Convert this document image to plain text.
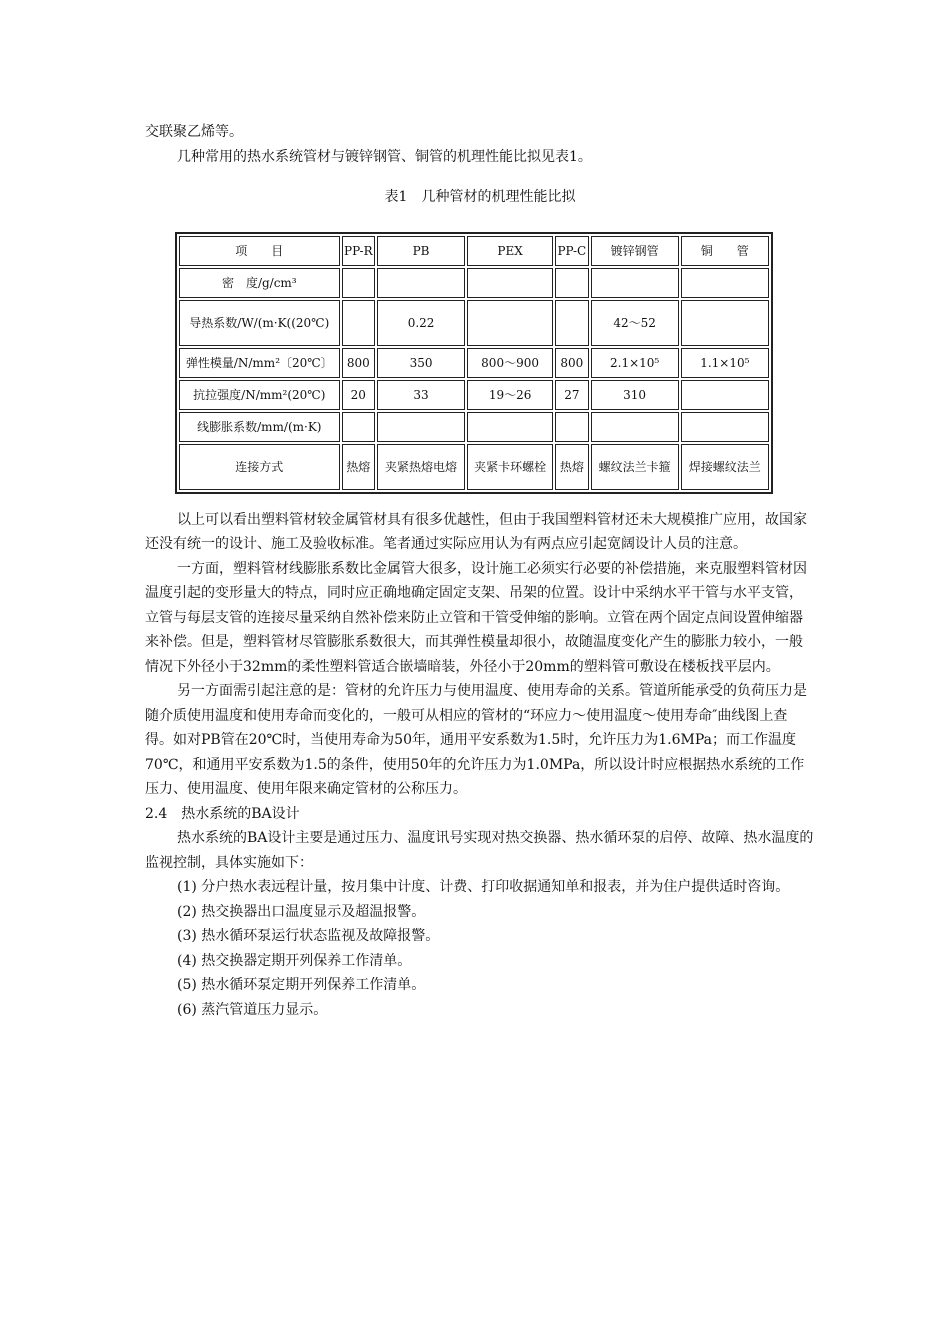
交联聚乙烯等。

几种常用的热水系统管材与镀锌钢管、铜管的机理性能比拟见表1。

表1　几种管材的机理性能比拟

项　　目	PP-R	PB	PEX	PP-C	镀锌钢管	铜　　管
密　度/g/cm³						
导热系数/W/(m·K((20℃)		0.22			42～52	
弹性模量/N/mm²〔20℃〕	800	350	800～900	800	2.1×10⁵	1.1×10⁵
抗拉强度/N/mm²(20℃)	20	33	19～26	27	310	
线膨胀系数/mm/(m·K)						
连接方式	热熔	夹紧热熔电熔	夹紧卡环螺栓	热熔	螺纹法兰卡箍	焊接螺纹法兰

以上可以看出塑料管材较金属管材具有很多优越性，但由于我国塑料管材还未大规模推广应用，故国家还没有统一的设计、施工及验收标准。笔者通过实际应用认为有两点应引起宽阔设计人员的注意。

一方面，塑料管材线膨胀系数比金属管大很多，设计施工必须实行必要的补偿措施，来克服塑料管材因温度引起的变形量大的特点，同时应正确地确定固定支架、吊架的位置。设计中采纳水平干管与水平支管，立管与每层支管的连接尽量采纳自然补偿来防止立管和干管受伸缩的影响。立管在两个固定点间设置伸缩器来补偿。但是，塑料管材尽管膨胀系数很大，而其弹性模量却很小，故随温度变化产生的膨胀力较小，一般情况下外径小于32mm的柔性塑料管适合嵌墙暗装，外径小于20mm的塑料管可敷设在楼板找平层内。

另一方面需引起注意的是：管材的允许压力与使用温度、使用寿命的关系。管道所能承受的负荷压力是随介质使用温度和使用寿命而变化的，一般可从相应的管材的“环应力～使用温度～使用寿命″曲线图上查得。如对PB管在20℃时，当使用寿命为50年，通用平安系数为1.5时，允许压力为1.6MPa；而工作温度70℃，和通用平安系数为1.5的条件，使用50年的允许压力为1.0MPa，所以设计时应根据热水系统的工作压力、使用温度、使用年限来确定管材的公称压力。

2.4　热水系统的BA设计

热水系统的BA设计主要是通过压力、温度讯号实现对热交换器、热水循环泵的启停、故障、热水温度的监视控制，具体实施如下：

(1) 分户热水表远程计量，按月集中计度、计费、打印收据通知单和报表，并为住户提供适时咨询。

(2) 热交换器出口温度显示及超温报警。

(3) 热水循环泵运行状态监视及故障报警。

(4) 热交换器定期开列保养工作清单。

(5) 热水循环泵定期开列保养工作清单。

(6) 蒸汽管道压力显示。
